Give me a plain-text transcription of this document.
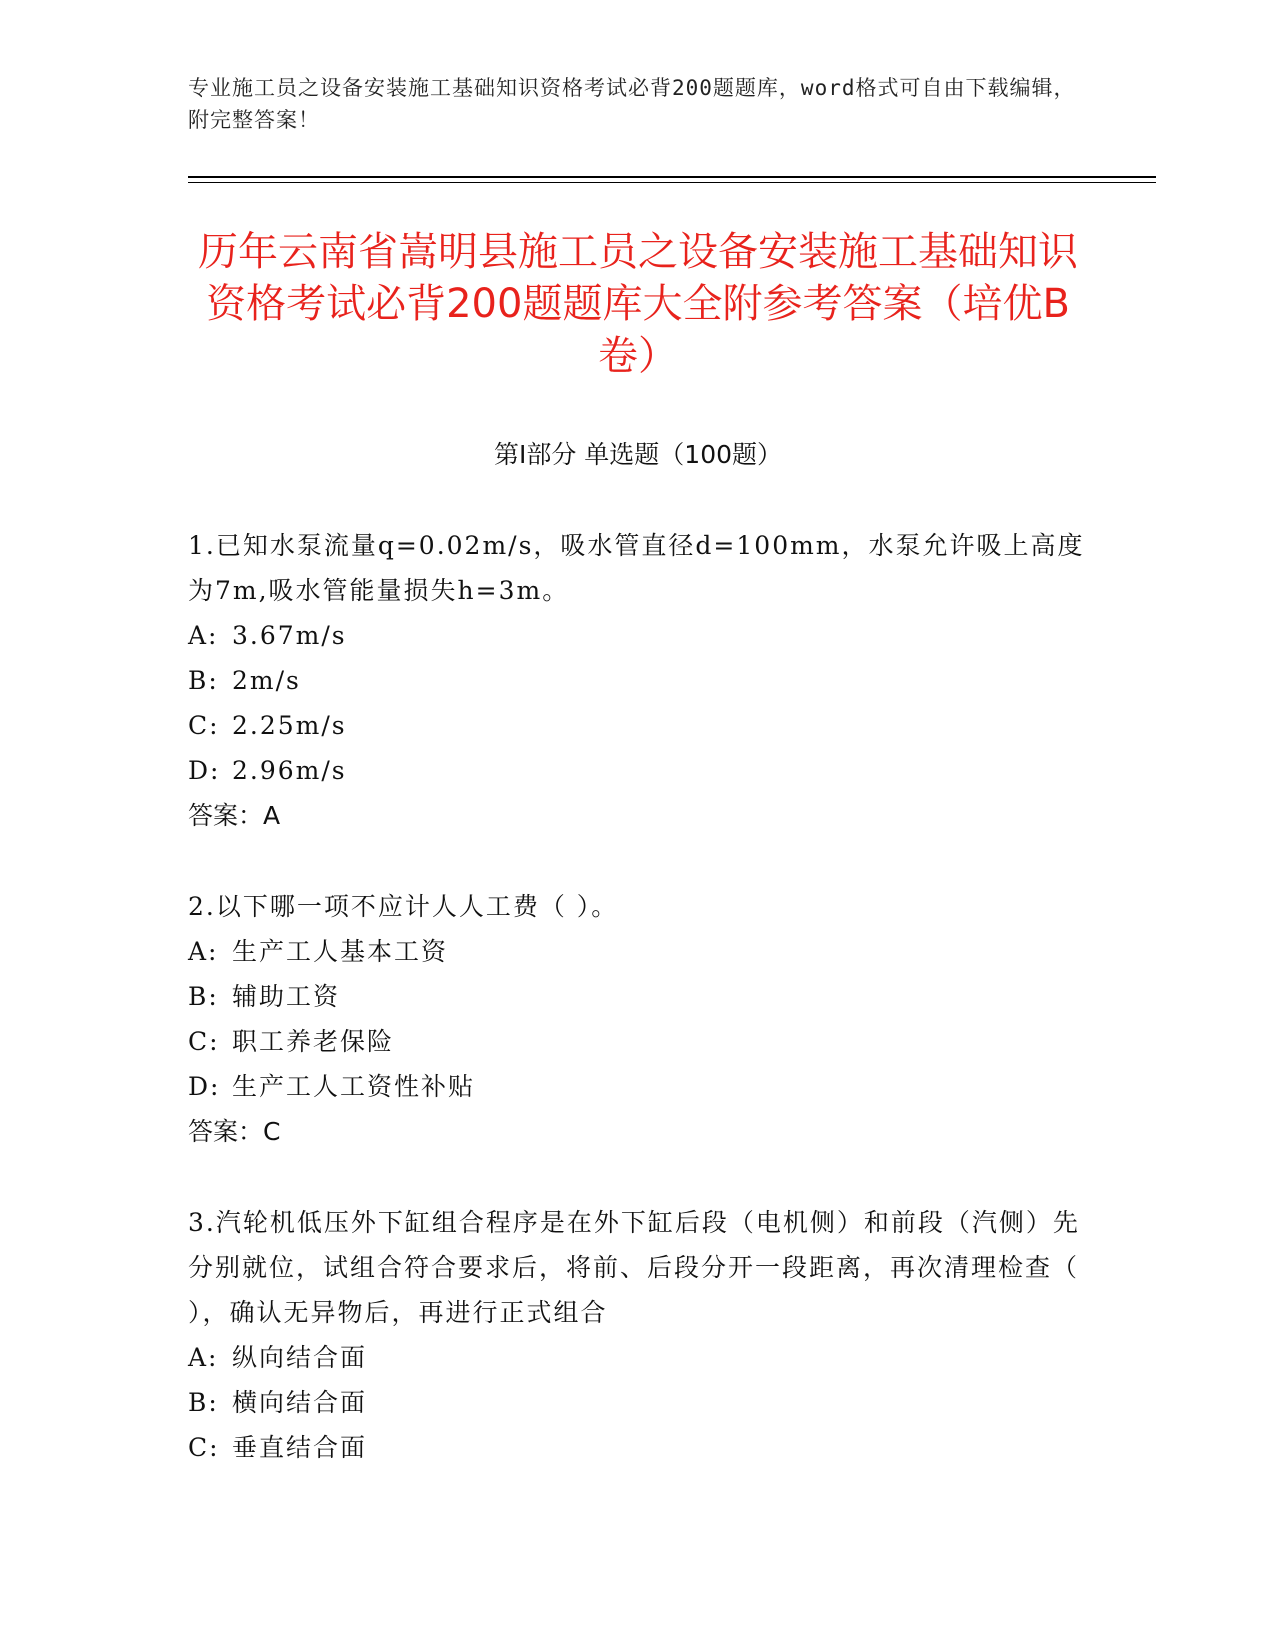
专业施工员之设备安装施工基础知识资格考试必背200题题库，word格式可自由下载编辑，附完整答案！
历年云南省嵩明县施工员之设备安装施工基础知识资格考试必背200题题库大全附参考答案（培优B卷）
第I部分 单选题（100题）
1.已知水泵流量q=0.02m/s，吸水管直径d=100mm，水泵允许吸上高度为7m,吸水管能量损失h=3m。
A: 3.67m/s
B: 2m/s
C: 2.25m/s
D: 2.96m/s
答案：A
2.以下哪一项不应计人人工费（ ）。
A: 生产工人基本工资
B: 辅助工资
C: 职工养老保险
D: 生产工人工资性补贴
答案：C
3.汽轮机低压外下缸组合程序是在外下缸后段（电机侧）和前段（汽侧）先分别就位，试组合符合要求后，将前、后段分开一段距离，再次清理检查（ ），确认无异物后，再进行正式组合
A: 纵向结合面
B: 横向结合面
C: 垂直结合面
